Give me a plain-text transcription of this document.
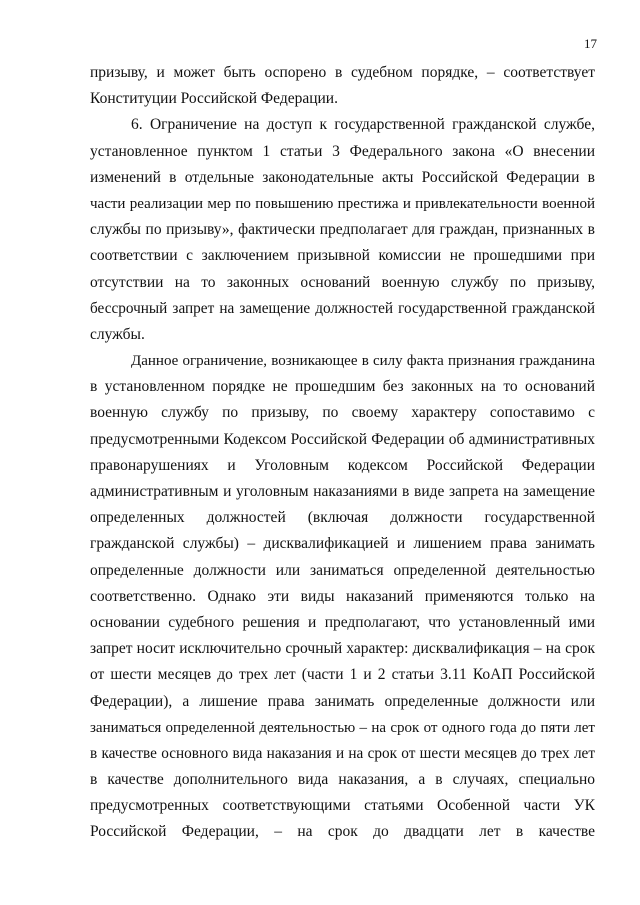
17
призыву, и может быть оспорено в судебном порядке, – соответствует
Конституции Российской Федерации.
6. Ограничение на доступ к государственной гражданской службе,
установленное пунктом 1 статьи 3 Федерального закона «О внесении
изменений в отдельные законодательные акты Российской Федерации в
части реализации мер по повышению престижа и привлекательности военной
службы по призыву», фактически предполагает для граждан, признанных в
соответствии с заключением призывной комиссии не прошедшими при
отсутствии на то законных оснований военную службу по призыву,
бессрочный запрет на замещение должностей государственной гражданской
службы.
Данное ограничение, возникающее в силу факта признания гражданина
в установленном порядке не прошедшим без законных на то оснований
военную службу по призыву, по своему характеру сопоставимо с
предусмотренными Кодексом Российской Федерации об административных
правонарушениях и Уголовным кодексом Российской Федерации
административным и уголовным наказаниями в виде запрета на замещение
определенных должностей (включая должности государственной
гражданской службы) – дисквалификацией и лишением права занимать
определенные должности или заниматься определенной деятельностью
соответственно. Однако эти виды наказаний применяются только на
основании судебного решения и предполагают, что установленный ими
запрет носит исключительно срочный характер: дисквалификация – на срок
от шести месяцев до трех лет (части 1 и 2 статьи 3.11 КоАП Российской
Федерации), а лишение права занимать определенные должности или
заниматься определенной деятельностью – на срок от одного года до пяти лет
в качестве основного вида наказания и на срок от шести месяцев до трех лет
в качестве дополнительного вида наказания, а в случаях, специально
предусмотренных соответствующими статьями Особенной части УК
Российской Федерации, – на срок до двадцати лет в качестве
